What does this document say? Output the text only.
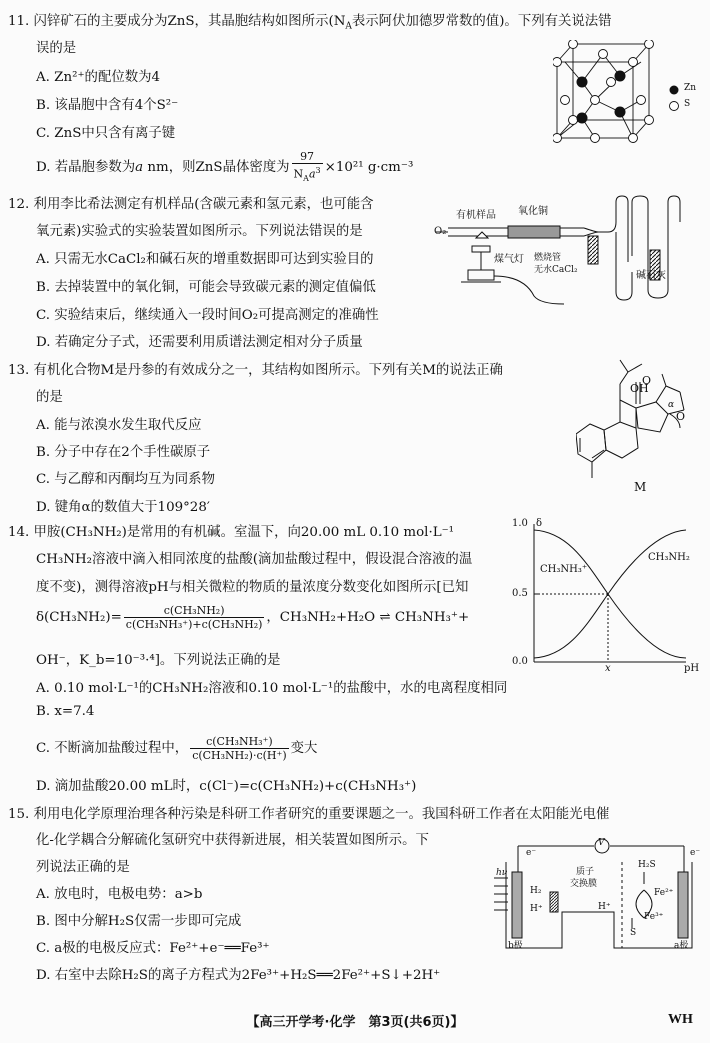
11. 闪锌矿石的主要成分为ZnS，其晶胞结构如图所示($N_A$表示阿伏加德罗常数的值)。下列有关说法错
误的是
A. Zn²⁺的配位数为4
B. 该晶胞中含有4个S²⁻
C. ZnS中只含有离子键
D. 若晶胞参数为a nm，则ZnS晶体密度为 $\frac{97}{N_Aa^3} \times 10^{21}$ g·cm⁻³
Zn
S
12. 利用李比希法测定有机样品(含碳元素和氢元素，也可能含
氧元素)实验式的实验装置如图所示。下列说法错误的是
A. 只需无水CaCl₂和碱石灰的增重数据即可达到实验目的
B. 去掉装置中的氧化铜，可能会导致碳元素的测定值偏低
C. 实验结束后，继续通入一段时间O₂可提高测定的准确性
D. 若确定分子式，还需要利用质谱法测定相对分子质量
O₂
有机样品 氧化铜
煤气灯 燃烧管
无水CaCl₂	碱石灰
13. 有机化合物M是丹参的有效成分之一，其结构如图所示。下列有关M的说法正确
的是
A. 能与浓溴水发生取代反应
B. 分子中存在2个手性碳原子
C. 与乙醇和丙酮均互为同系物
D. 键角α的数值大于109°28′
O
OH
O
α
M
14. 甲胺(CH₃NH₂)是常用的有机碱。室温下，向20.00 mL 0.10 mol·L⁻¹
CH₃NH₂溶液中滴入相同浓度的盐酸(滴加盐酸过程中，假设混合溶液的温
度不变)，测得溶液pH与相关微粒的物质的量浓度分数变化如图所示[已知
$\delta(CH_3NH_2)= \frac{\text{c(CH₃NH₂)}}{\text{c(CH₃NH₃⁺)+c(CH₃NH₂)}}$ ，CH₃NH₂+H₂O ⇌ CH₃NH₃⁺+
OH⁻，K_b=10⁻³·⁴]。下列说法正确的是
A. 0.10 mol·L⁻¹的CH₃NH₂溶液和0.10 mol·L⁻¹的盐酸中，水的电离程度相同
B. x=7.4
C. 不断滴加盐酸过程中， $\frac{\text{c(CH₃NH₃⁺)}}{\text{c(CH₃NH₂)·c(H⁺)}}$ 变大
D. 滴加盐酸20.00 mL时，c(Cl⁻)=c(CH₃NH₂)+c(CH₃NH₃⁺)
δ
1.0
0.5
0.0
x	pH
CH₃NH₃⁺
CH₃NH₂
15. 利用电化学原理治理各种污染是科研工作者研究的重要课题之一。我国科研工作者在太阳能光电催
化-化学耦合分解硫化氢研究中获得新进展，相关装置如图所示。下
列说法正确的是
A. 放电时，电极电势：a>b
B. 图中分解H₂S仅需一步即可完成
C. a极的电极反应式：Fe²⁺+e⁻══Fe³⁺
D. 右室中去除H₂S的离子方程式为2Fe³⁺+H₂S══2Fe²⁺+S↓+2H⁺
V
e⁻	e⁻
hν	质子
交换膜
H₂S
H₂
H⁺	H⁺
Fe²⁺
Fe³⁺
S
b极	a极
【高三开学考·化学　第3页(共6页)】	WH
